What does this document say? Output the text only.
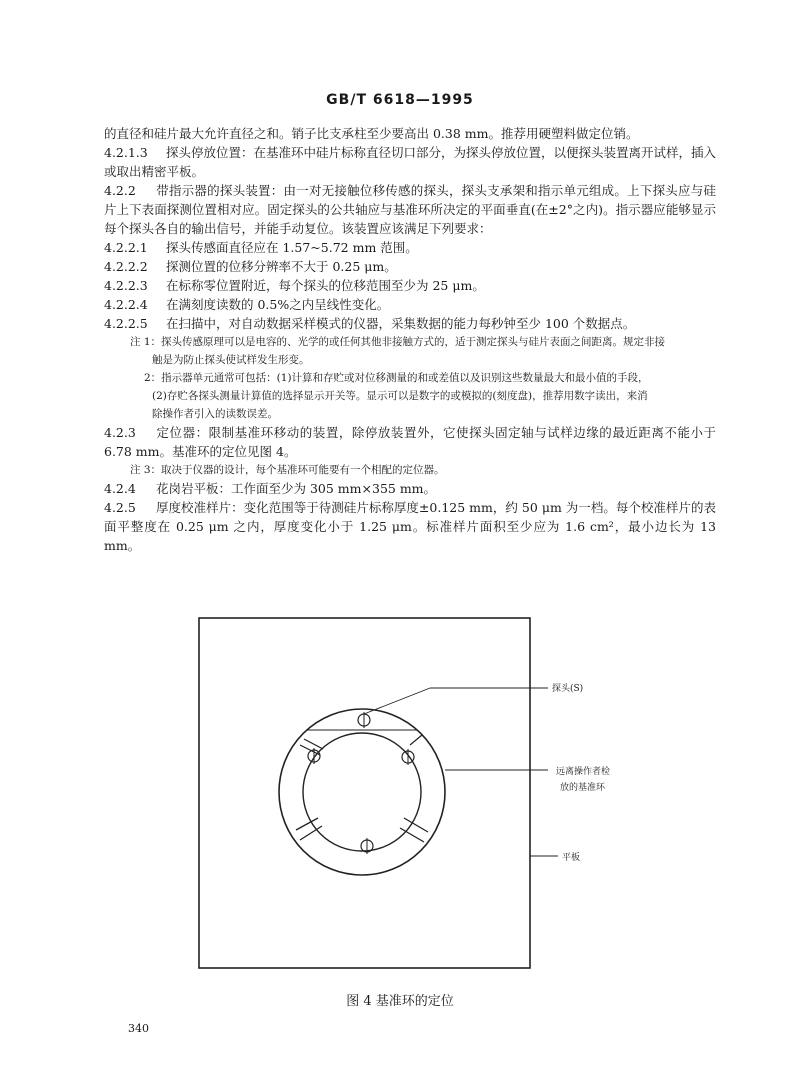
GB/T 6618—1995

的直径和硅片最大允许直径之和。销子比支承柱至少要高出 0.38 mm。推荐用硬塑料做定位销。

4.2.1.3 探头停放位置：在基准环中硅片标称直径切口部分，为探头停放位置，以便探头装置离开试样，插入或取出精密平板。

4.2.2 带指示器的探头装置：由一对无接触位移传感的探头，探头支承架和指示单元组成。上下探头应与硅片上下表面探测位置相对应。固定探头的公共轴应与基准环所决定的平面垂直(在±2°之内)。指示器应能够显示每个探头各自的输出信号，并能手动复位。该装置应该满足下列要求：

4.2.2.1 探头传感面直径应在 1.57~5.72 mm 范围。

4.2.2.2 探测位置的位移分辨率不大于 0.25 μm。

4.2.2.3 在标称零位置附近，每个探头的位移范围至少为 25 μm。

4.2.2.4 在满刻度读数的 0.5%之内呈线性变化。

4.2.2.5 在扫描中，对自动数据采样模式的仪器，采集数据的能力每秒钟至少 100 个数据点。

注 1：探头传感原理可以是电容的、光学的或任何其他非接触方式的，适于测定探头与硅片表面之间距离。规定非接

触是为防止探头使试样发生形变。

2：指示器单元通常可包括：(1)计算和存贮或对位移测量的和或差值以及识别这些数量最大和最小值的手段，

(2)存贮各探头测量计算值的选择显示开关等。显示可以是数字的或模拟的(刻度盘)，推荐用数字读出，来消

除操作者引入的读数误差。

4.2.3 定位器：限制基准环移动的装置，除停放装置外，它使探头固定轴与试样边缘的最近距离不能小于 6.78 mm。基准环的定位见图 4。

注 3：取决于仪器的设计，每个基准环可能要有一个相配的定位器。

4.2.4 花岗岩平板：工作面至少为 305 mm×355 mm。

4.2.5 厚度校准样片：变化范围等于待测硅片标称厚度±0.125 mm，约 50 μm 为一档。每个校准样片的表面平整度在 0.25 μm 之内，厚度变化小于 1.25 μm。标准样片面积至少应为 1.6 cm²，最小边长为 13 mm。

探头(S)
远离操作者检
放的基准环
平板
图 4 基准环的定位
340
